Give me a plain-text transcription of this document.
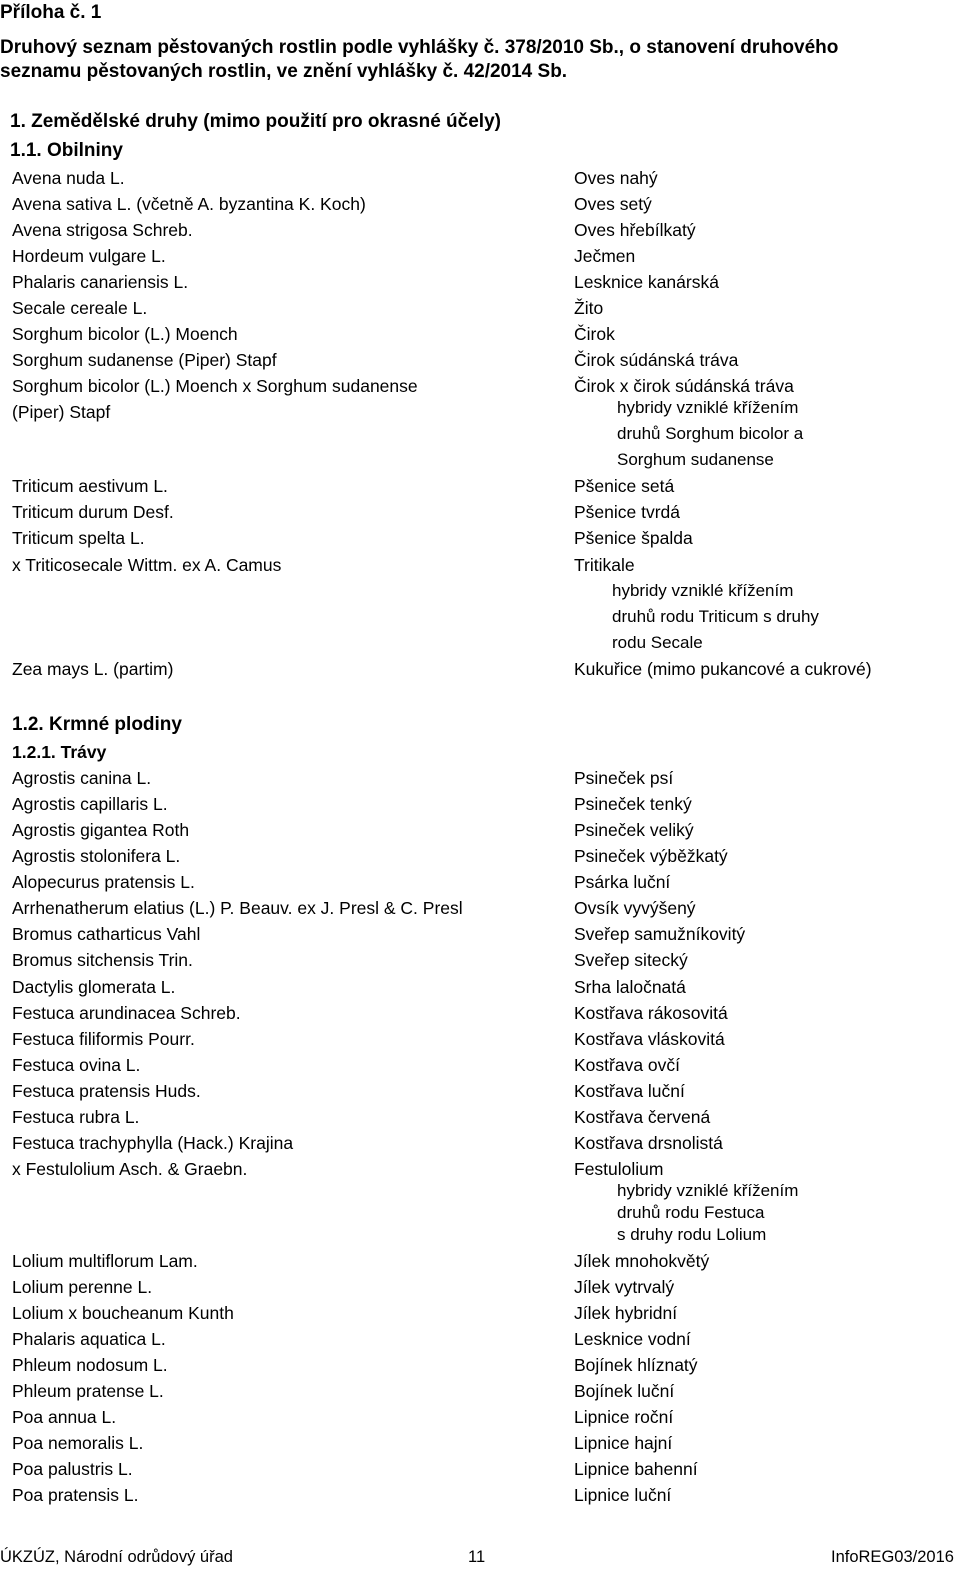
Příloha č. 1
Druhový seznam pěstovaných rostlin podle vyhlášky č. 378/2010 Sb., o stanovení druhového
seznamu pěstovaných rostlin, ve znění vyhlášky č. 42/2014 Sb.
1. Zemědělské druhy (mimo použití pro okrasné účely)
1.1. Obilniny
Avena nuda L.	Oves nahý
Avena sativa L. (včetně A. byzantina K. Koch)	Oves setý
Avena strigosa Schreb.	Oves hřebílkatý
Hordeum vulgare L.	Ječmen
Phalaris canariensis L.	Lesknice kanárská
Secale cereale L.	Žito
Sorghum bicolor (L.) Moench	Čirok
Sorghum sudanense (Piper) Stapf	Čirok súdánská tráva
Sorghum bicolor (L.) Moench x Sorghum sudanense	Čirok x čirok súdánská tráva
(Piper) Stapf	hybridy vzniklé křížením
druhů Sorghum bicolor a
Sorghum sudanense
Triticum aestivum L.	Pšenice setá
Triticum durum Desf.	Pšenice tvrdá
Triticum spelta L.	Pšenice špalda
x Triticosecale Wittm. ex A. Camus	Tritikale
hybridy vzniklé křížením
druhů rodu Triticum s druhy
rodu Secale
Zea mays L. (partim)	Kukuřice (mimo pukancové a cukrové)
1.2. Krmné plodiny
1.2.1. Trávy
Agrostis canina L.	Psineček psí
Agrostis capillaris L.	Psineček tenký
Agrostis gigantea Roth	Psineček veliký
Agrostis stolonifera L.	Psineček výběžkatý
Alopecurus pratensis L.	Psárka luční
Arrhenatherum elatius (L.) P. Beauv. ex J. Presl & C. Presl	Ovsík vyvýšený
Bromus catharticus Vahl	Sveřep samužníkovitý
Bromus sitchensis Trin.	Sveřep sitecký
Dactylis glomerata L.	Srha laločnatá
Festuca arundinacea Schreb.	Kostřava rákosovitá
Festuca filiformis Pourr.	Kostřava vláskovitá
Festuca ovina L.	Kostřava ovčí
Festuca pratensis Huds.	Kostřava luční
Festuca rubra L.	Kostřava červená
Festuca trachyphylla (Hack.) Krajina	Kostřava drsnolistá
x Festulolium Asch. & Graebn.	Festulolium
hybridy vzniklé křížením
druhů rodu Festuca
s druhy rodu Lolium
Lolium multiflorum Lam.	Jílek mnohokvětý
Lolium perenne L.	Jílek vytrvalý
Lolium x boucheanum Kunth	Jílek hybridní
Phalaris aquatica L.	Lesknice vodní
Phleum nodosum L.	Bojínek hlíznatý
Phleum pratense L.	Bojínek luční
Poa annua L.	Lipnice roční
Poa nemoralis L.	Lipnice hajní
Poa palustris L.	Lipnice bahenní
Poa pratensis L.	Lipnice luční
ÚKZÚZ, Národní odrůdový úřad	11	InfoREG03/2016
